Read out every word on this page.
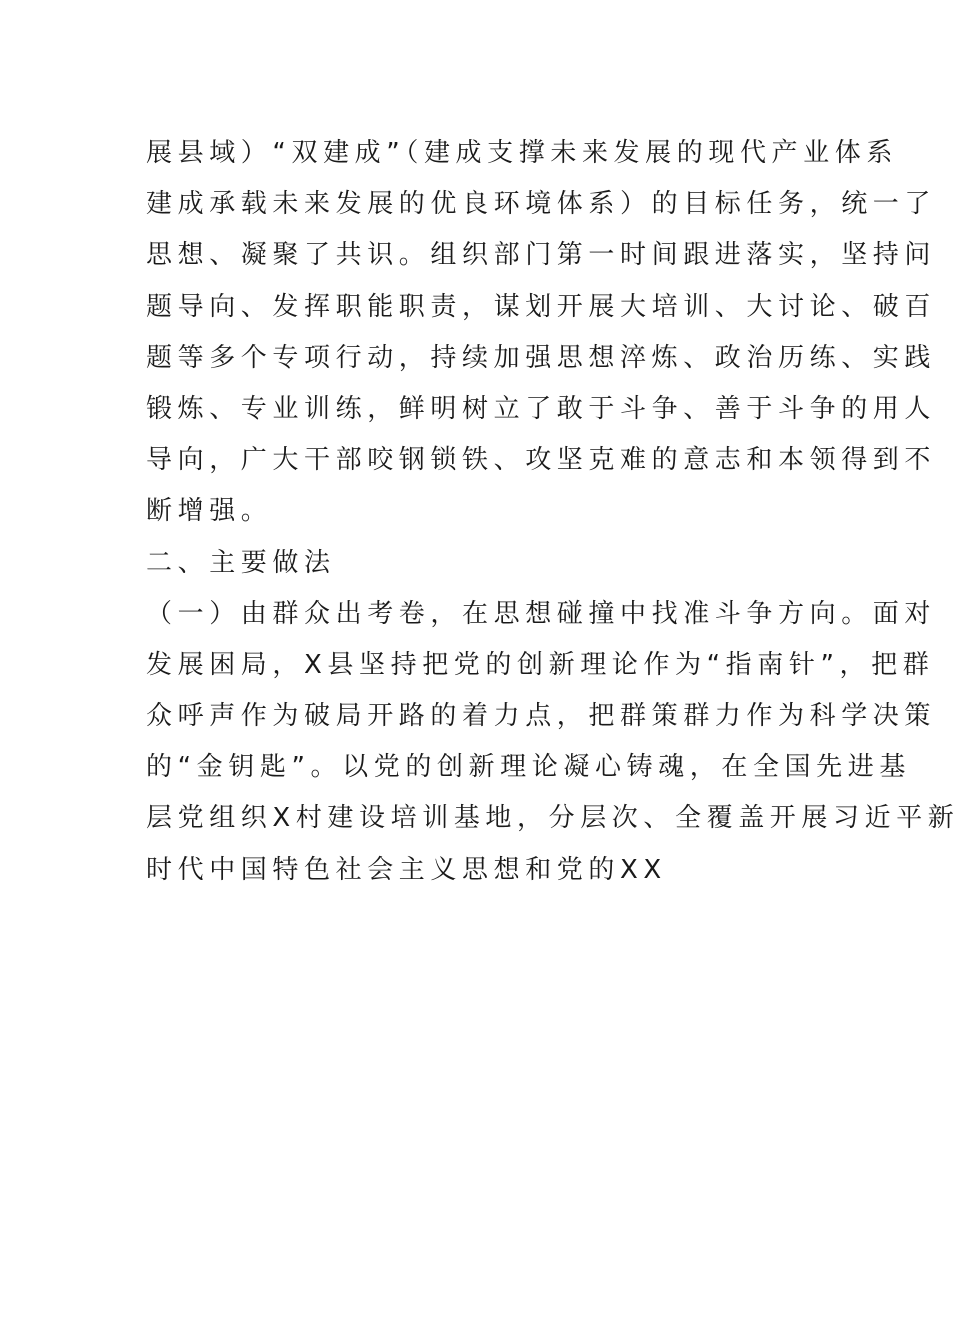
展县域）“双建成”（建成支撑未来发展的现代产业体系
建成承载未来发展的优良环境体系）的目标任务，统一了
思想、凝聚了共识。组织部门第一时间跟进落实，坚持问
题导向、发挥职能职责，谋划开展大培训、大讨论、破百
题等多个专项行动，持续加强思想淬炼、政治历练、实践
锻炼、专业训练，鲜明树立了敢于斗争、善于斗争的用人
导向，广大干部咬钢锁铁、攻坚克难的意志和本领得到不
断增强。
二、主要做法
（一）由群众出考卷，在思想碰撞中找准斗争方向。面对
发展困局，X县坚持把党的创新理论作为“指南针”，把群
众呼声作为破局开路的着力点，把群策群力作为科学决策
的“金钥匙”。以党的创新理论凝心铸魂，在全国先进基
层党组织X村建设培训基地，分层次、全覆盖开展习近平新
时代中国特色社会主义思想和党的XX
